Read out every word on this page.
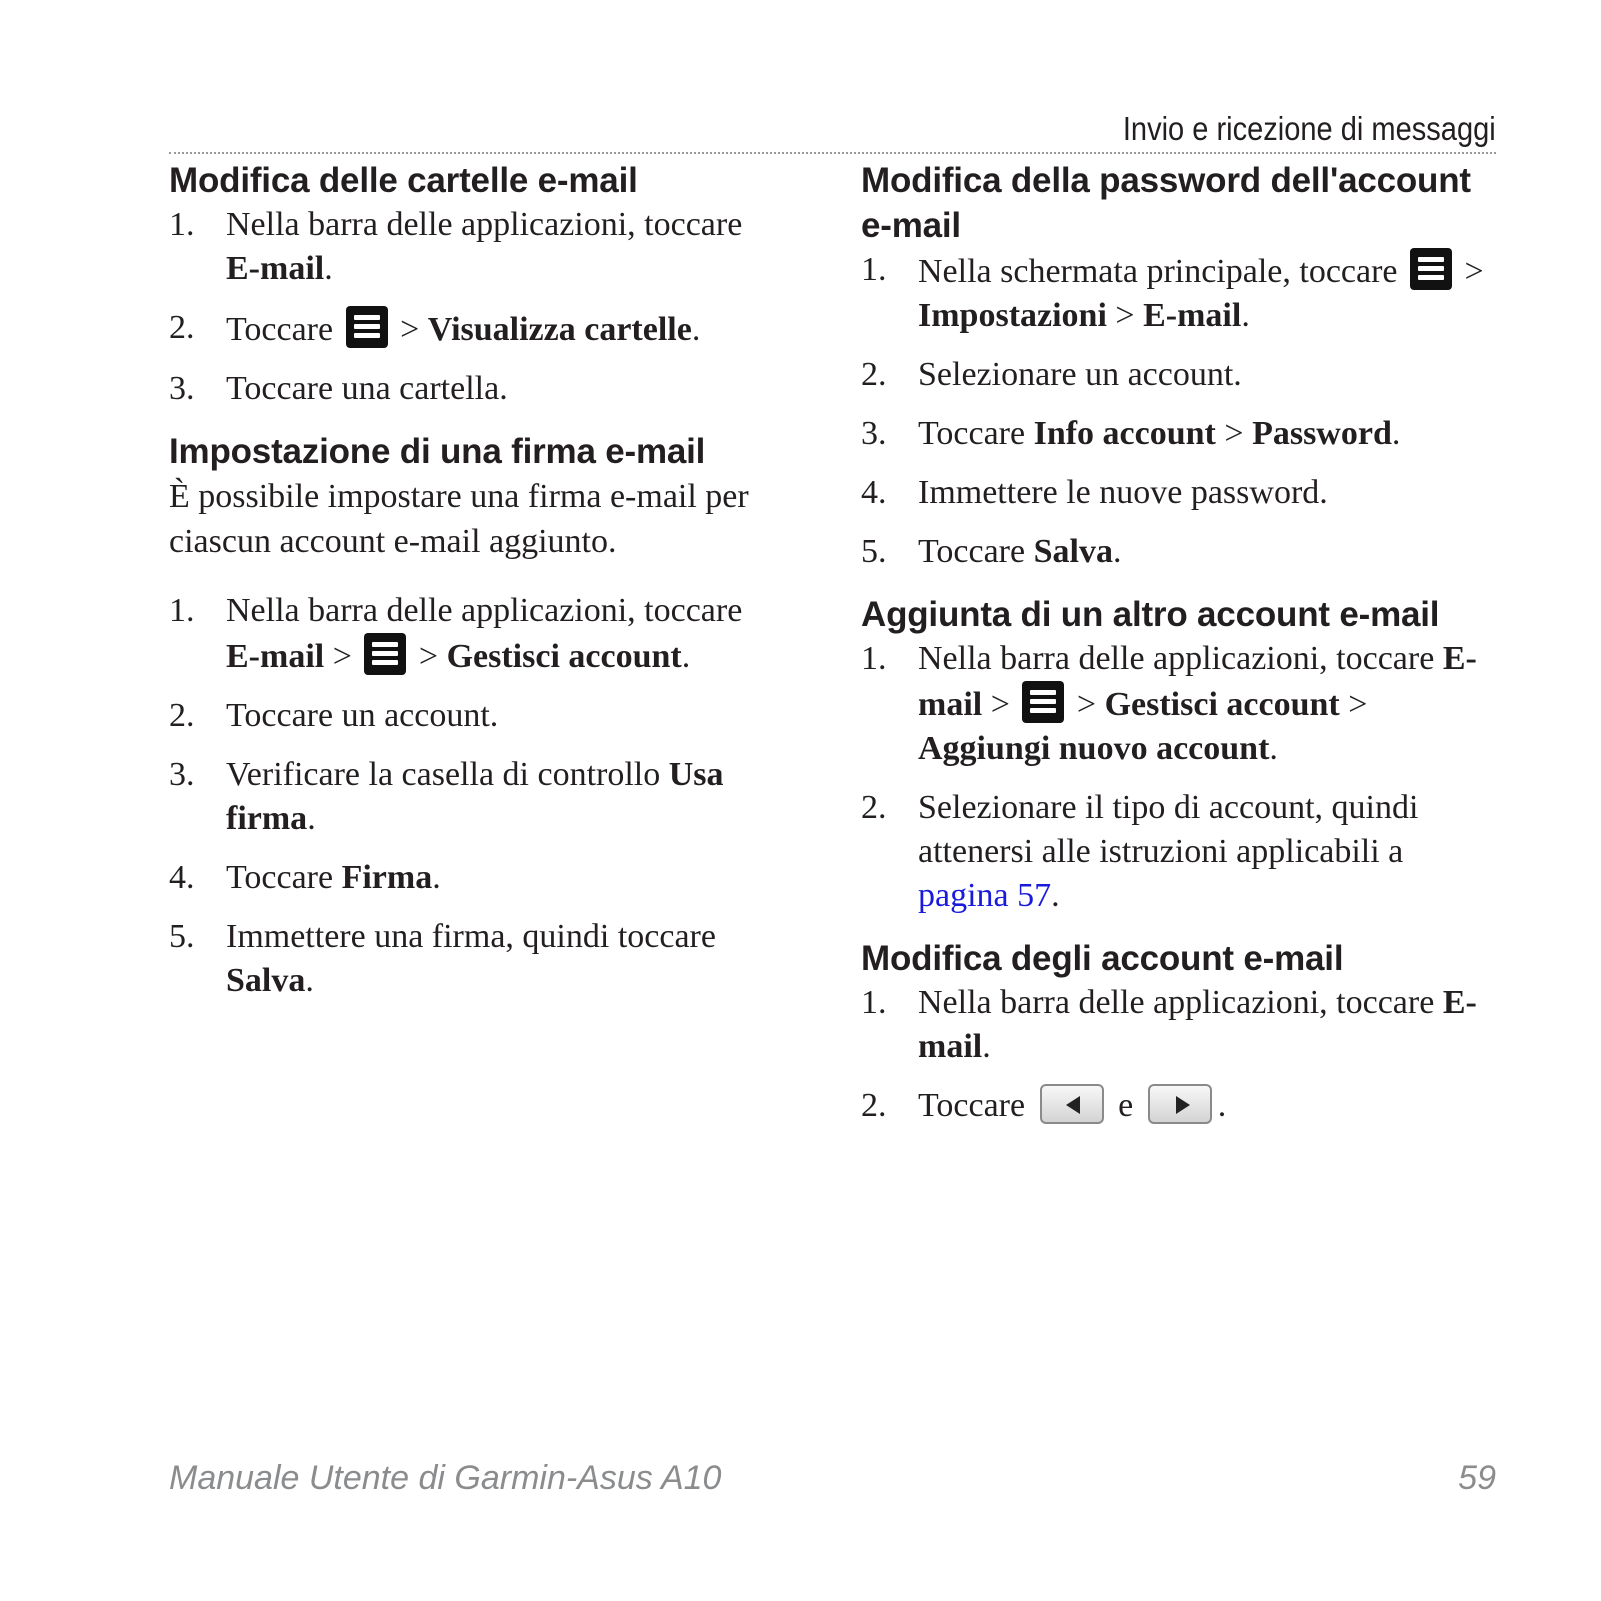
Invio e ricezione di messaggi
Modifica delle cartelle e-mail
1. Nella barra delle applicazioni, toccare E-mail.
2. Toccare
> Visualizza cartelle.
3. Toccare una cartella.
Impostazione di una firma e-mail

È possibile impostare una firma e-mail per ciascun account e-mail aggiunto.

1. Nella barra delle applicazioni, toccare E-mail >
> Gestisci account.
2. Toccare un account.
3. Verificare la casella di controllo Usa firma.
4. Toccare Firma.
5. Immettere una firma, quindi toccare Salva.
Modifica della password dell'account e-mail
1. Nella schermata principale, toccare
> Impostazioni > E-mail.
2. Selezionare un account.
3. Toccare Info account > Password.
4. Immettere le nuove password.
5. Toccare Salva.
Aggiunta di un altro account e-mail
1. Nella barra delle applicazioni, toccare E-mail >
> Gestisci account > Aggiungi nuovo account.
2. Selezionare il tipo di account, quindi attenersi alle istruzioni applicabili a pagina 57.
Modifica degli account e-mail
1. Nella barra delle applicazioni, toccare E-mail.
2. Toccare
e
.
Manuale Utente di Garmin-Asus A10	59
